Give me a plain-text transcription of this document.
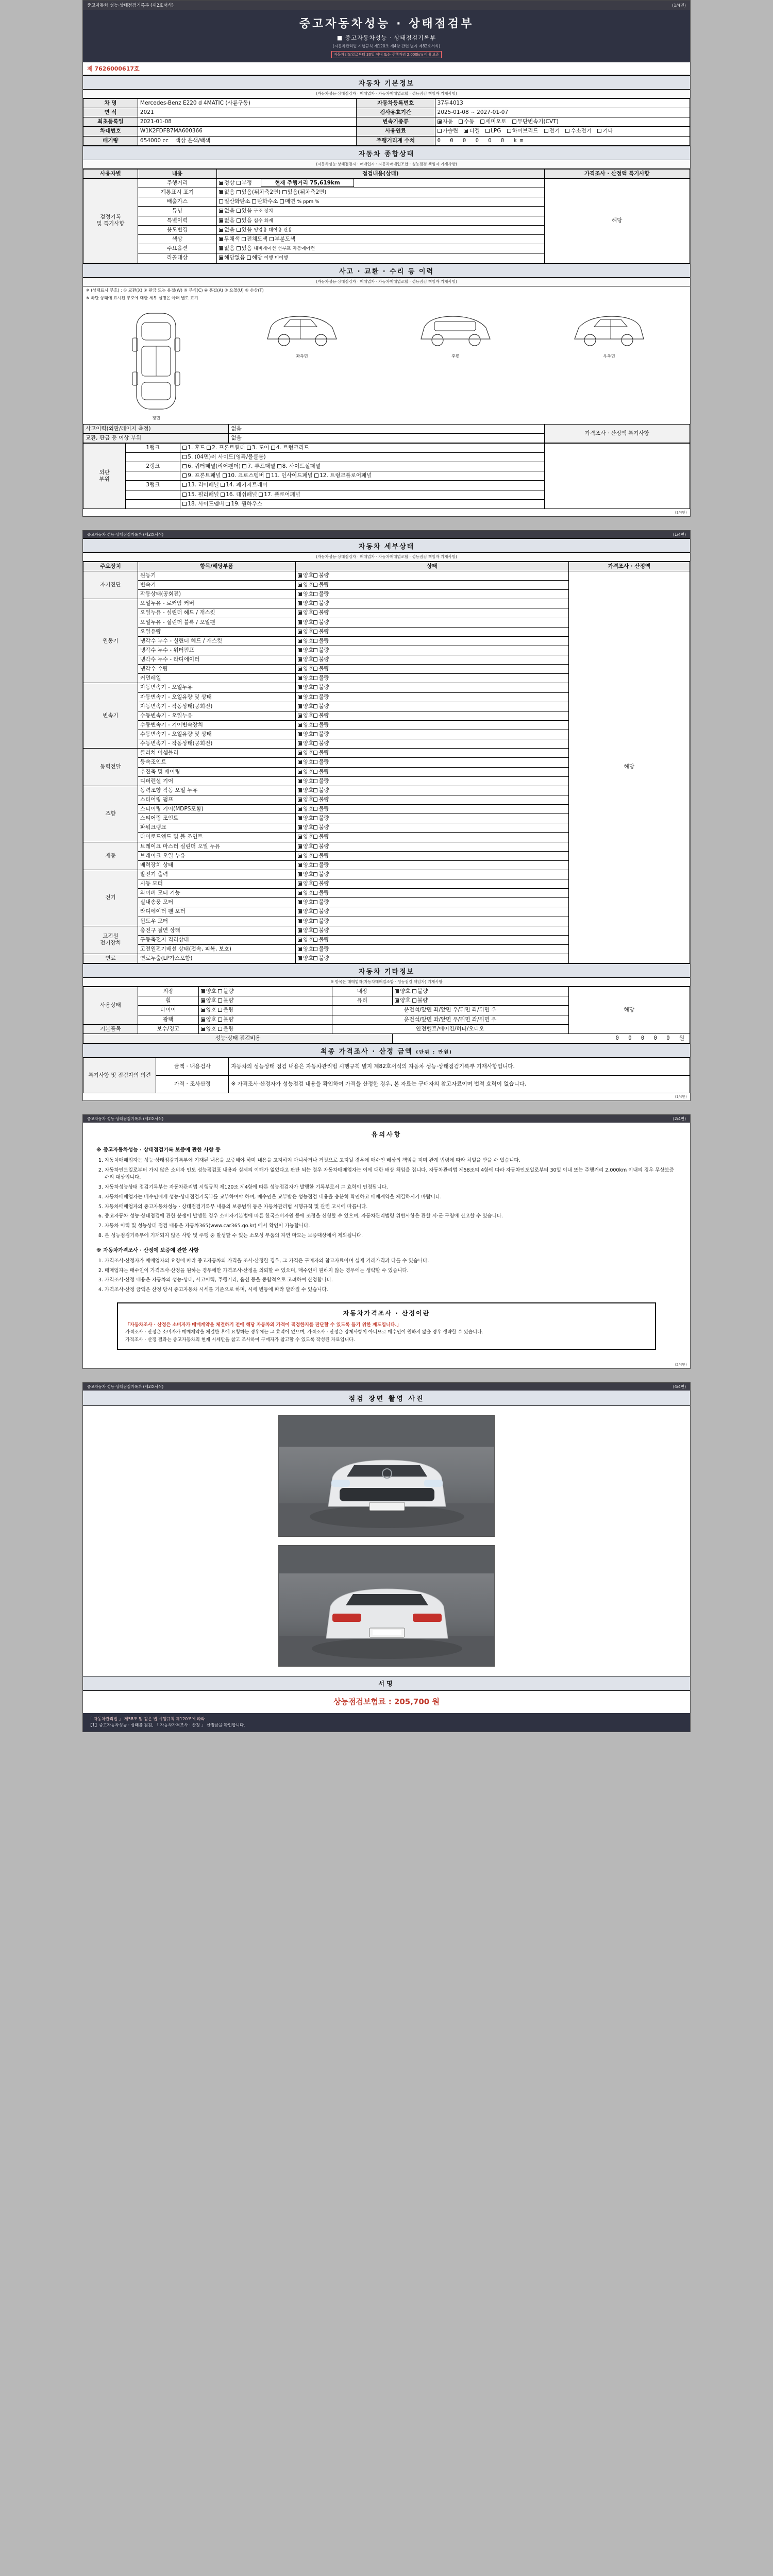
중고자동차 성능·상태점검기록부 (제2호서식)	(1/4면)
중고자동차성능 · 상태점검부
■ 중고자동차성능 · 상태점검기록부
(자동차관리법 시행규칙 제120조 제4항 관련 별지 제82호서식)
자동차인도일로부터 30일 이내 또는 주행거리 2,000km 이내 보증
제 7626000617호
자동차 기본정보
(자동차성능·상태점검자 · 매매업자 · 자동차매매업조합 · 성능점검 책임자 기재사항)
차 명	Mercedes-Benz E220 d 4MATIC (사륜구동)	자동차등록번호	37두4013
연 식	2021	검사유효기간	2025-01-08 ~ 2027-01-07
최초등록일	2021-01-08	변속기종류	자동 수동 세미오토 무단변속기(CVT)
차대번호	W1K2FDFB7MA600366	사용연료	가솔린 디젤 LPG 하이브리드 전기 수소전기 기타
배기량	654000 cc 색상 은색/백색	주행거리계 수치	0 0 0 0 0 0 km
자동차 종합상태
(자동차성능·상태점검자 · 매매업자 · 자동차매매업조합 · 성능점검 책임자 기재사항)
사용자별	내용	점검내용(상태)	가격조사 · 산정액 특기사항
검정기록
및 특기사항	주행거리	정상 부정 현재 주행거리 75,619km	해당
	계통표시 표기	없음 있음(뒤차축2면) 있음(뒤차축2면)	
	배출가스	일산화탄소 탄화수소 매연 % ppm %	
	튜닝	없음 있음 구조 장치	
	특별이력	없음 있음 침수 화재	
	용도변경	없음 있음 영업용 대여용 관용	
	색상	무채색 전체도색 부분도색	
	주요옵션	없음 있음 내비게이션 선루프 자동에어컨	
	리콜대상	해당없음 해당 이행 미이행	
사고 · 교환 · 수리 등 이력
(자동차성능·상태점검자 · 매매업자 · 자동차매매업조합 · 성능점검 책임자 기재사항)
※ (상태표시 부호) : ① 교환(X) ② 판금 또는 용접(W) ③ 부식(C) ④ 흠집(A) ⑤ 요철(U) ⑥ 손상(T)
※ 하단 상태에 표시된 부호에 대한 세부 설명은 아래 별도 표기
정면
좌측면	후면	우측면
사고이력(외판/레이저 측정)	없음	가격조사 · 산정액 특기사항
교환, 판금 등 이상 부위	없음	
외판
부위	1랭크	1. 후드 2. 프론트휀더 3. 도어 4. 트렁크리드	
		5. (04면)러 사이드(영좌/볼클룸)	
	2랭크	6. 쿼터패널(리어펜더) 7. 루프패널 8. 사이드실패널	
		9. 프론트패널 10. 크로스멤버 11. 인사이드패널 12. 트렁크플로어패널	
	3랭크	13. 리어패널 14. 패키지트레이	
		15. 필러패널 16. 대쉬패널 17. 플로어패널	
		18. 사이드멤버 19. 휠하우스	
(1/4면)
중고자동차 성능·상태점검기록부 (제2호서식)	(1/4면)
자동차 세부상태
(자동차성능·상태점검자 · 매매업자 · 자동차매매업조합 · 성능점검 책임자 기재사항)
주요장치	항목/해당부품	상태	가격조사 · 산정액
자기진단	원동기	양호 불량	해당
	변속기	양호 불량	
	작동상태(공회전)	양호 불량	
원동기	오일누유 - 로커암 커버	양호 불량	
	오일누유 - 실린더 헤드 / 개스킷	양호 불량	
	오일누유 - 실린더 블록 / 오일팬	양호 불량	
	오일유량	양호 불량	
	냉각수 누수 - 실린더 헤드 / 개스킷	양호 불량	
	냉각수 누수 - 워터펌프	양호 불량	
	냉각수 누수 - 라디에이터	양호 불량	
	냉각수 수량	양호 불량	
	커먼레일	양호 불량	
변속기	자동변속기 - 오일누유	양호 불량	
	자동변속기 - 오일유량 및 상태	양호 불량	
	자동변속기 - 작동상태(공회전)	양호 불량	
	수동변속기 - 오일누유	양호 불량	
	수동변속기 - 기어변속장치	양호 불량	
	수동변속기 - 오일유량 및 상태	양호 불량	
	수동변속기 - 작동상태(공회전)	양호 불량	
동력전달	클러치 어셈블리	양호 불량	
	등속조인트	양호 불량	
	추진축 및 베어링	양호 불량	
	디퍼렌셜 기어	양호 불량	
조향	동력조향 작동 오일 누유	양호 불량	
	스티어링 펌프	양호 불량	
	스티어링 기어(MDPS포함)	양호 불량	
	스티어링 조인트	양호 불량	
	파워크랭크	양호 불량	
	타이로드엔드 및 볼 조인트	양호 불량	
제동	브레이크 마스터 실린더 오일 누유	양호 불량	
	브레이크 오일 누유	양호 불량	
	배력장치 상태	양호 불량	
전기	발전기 출력	양호 불량	
	시동 모터	양호 불량	
	와이퍼 모터 기능	양호 불량	
	실내송풍 모터	양호 불량	
	라디에이터 팬 모터	양호 불량	
	윈도우 모터	양호 불량	
고전원
전기장치	충전구 절연 상태	양호 불량	
	구동축전지 격리상태	양호 불량	
	고전원전기배선 상태(접속, 피복, 보호)	양호 불량	
연료	연료누출(LP가스포함)	양호 불량	
자동차 기타정보
※ 항목은 매매업자(자동차매매업조합 · 성능점검 책임자) 기재사항
사용상태	외장	양호 불량	내장	양호 불량	해당
	휠	양호 불량	유리	양호 불량	
	타이어	양호 불량	운전석/앞면 좌/앞면 우/뒤면 좌/뒤면 우		
	광택	양호 불량	운전석/앞면 좌/앞면 우/뒤면 좌/뒤면 우		
기본품목	보수/경고	양호 불량	안전벨트/에어컨/히터/오디오		
성능·상태 점검비용				0 0 0 0 0 원	
최종 가격조사 · 산정 금액 (단위 : 만원)
특기사항 및 점검자의 의견	금액 · 내용검사	자동차의 성능상태 점검 내용은 자동차관리법 시행규칙 별지 제82호서식의 자동차 성능·상태점검기록부 기재사항입니다.
	가격 · 조사산정	※ 가격조사·산정자가 성능점검 내용을 확인하여 가격을 산정한 경우, 본 자료는 구매자의 참고자료이며 법적 효력이 없습니다.
(1/4면)
중고자동차 성능·상태점검기록부 (제2호서식)	(2/4면)
유의사항
※ 중고자동차성능 · 상태점검기록 보증에 관한 사항 등
1. 자동차매매업자는 성능·상태점검기록부에 기재된 내용을 보증해야 하며 내용을 고지하지 아니하거나 거짓으로 고지될 경우에 매수인 배상의 책임을 지며 관계 법령에 따라 처벌을 받을 수 있습니다.
2. 자동차인도일로부터 가지 않은 소비자 인도 성능점검표 내용과 실제의 이해가 없었다고 판단 되는 경우 자동차매매업자는 이에 대한 배상 책임을 집니다. 자동차관리법 제58조의 4항에 따라 자동차인도일로부터 30일 이내 또는 주행거리 2,000km 이내의 경우 무상보증 수리 대상입니다.
3. 자동차성능상태 점검기록부는 자동차관리법 시행규칙 제120조 제4항에 따른 성능점검자가 발행한 기록부로서 그 효력이 인정됩니다.
4. 자동차매매업자는 매수인에게 성능·상태점검기록부를 교부하여야 하며, 매수인은 교부받은 성능점검 내용을 충분히 확인하고 매매계약을 체결하시기 바랍니다.
5. 자동차매매업자의 중고자동차성능 · 상태점검기록부 내용의 보증범위 등은 자동차관리법 시행규칙 및 관련 고시에 따릅니다.
6. 중고자동차 성능·상태점검에 관한 분쟁이 발생한 경우 소비자기본법에 따른 한국소비자원 등에 조정을 신청할 수 있으며, 자동차관리법령 위반사항은 관할 시·군·구청에 신고할 수 있습니다.
7. 자동차 이력 및 성능상태 점검 내용은 자동차365(www.car365.go.kr) 에서 확인이 가능합니다.
8. 본 성능점검기록부에 기재되지 않은 사항 및 주행 중 발생할 수 있는 소모성 부품의 자연 마모는 보증대상에서 제외됩니다.
※ 자동차가격조사 · 산정에 보증에 관한 사항
1. 가격조사·산정자가 매매업자의 요청에 따라 중고자동차의 가격을 조사·산정한 경우, 그 가격은 구매자의 참고자료이며 실제 거래가격과 다를 수 있습니다.
2. 매매업자는 매수인이 가격조사·산정을 원하는 경우에만 가격조사·산정을 의뢰할 수 있으며, 매수인이 원하지 않는 경우에는 생략할 수 있습니다.
3. 가격조사·산정 내용은 자동차의 성능·상태, 사고이력, 주행거리, 옵션 등을 종합적으로 고려하여 산정합니다.
4. 가격조사·산정 금액은 산정 당시 중고자동차 시세를 기준으로 하며, 시세 변동에 따라 달라질 수 있습니다.
자동차가격조사 · 산정이란
「자동차조사 · 산정은 소비자가 매매계약을 체결하기 전에 해당 자동차의 가격이 적정한지를 판단할 수 있도록 돕기 위한 제도입니다.」
가격조사 · 산정은 소비자가 매매계약을 체결한 후에 요청하는 경우에는 그 효력이 없으며, 가격조사 · 산정은 강제사항이 아니므로 매수인이 원하지 않을 경우 생략할 수 있습니다.
가격조사 · 산정 결과는 중고자동차의 현재 시세만을 참고 조사하여 구매자가 참고할 수 있도록 작성된 자료입니다.
(2/4면)
중고자동차 성능·상태점검기록부 (제2호서식)	(4/4면)
점검 장면 촬영 사진
서명
상능점검보험료 : 205,700 원
「 자동차관리법 」 제58조 및 같은 법 시행규칙 제120조에 따라
【1】중고자동차성능 · 상태를 점검, 「 자동차가격조사 · 산정 」 산정금을 확인합니다.
